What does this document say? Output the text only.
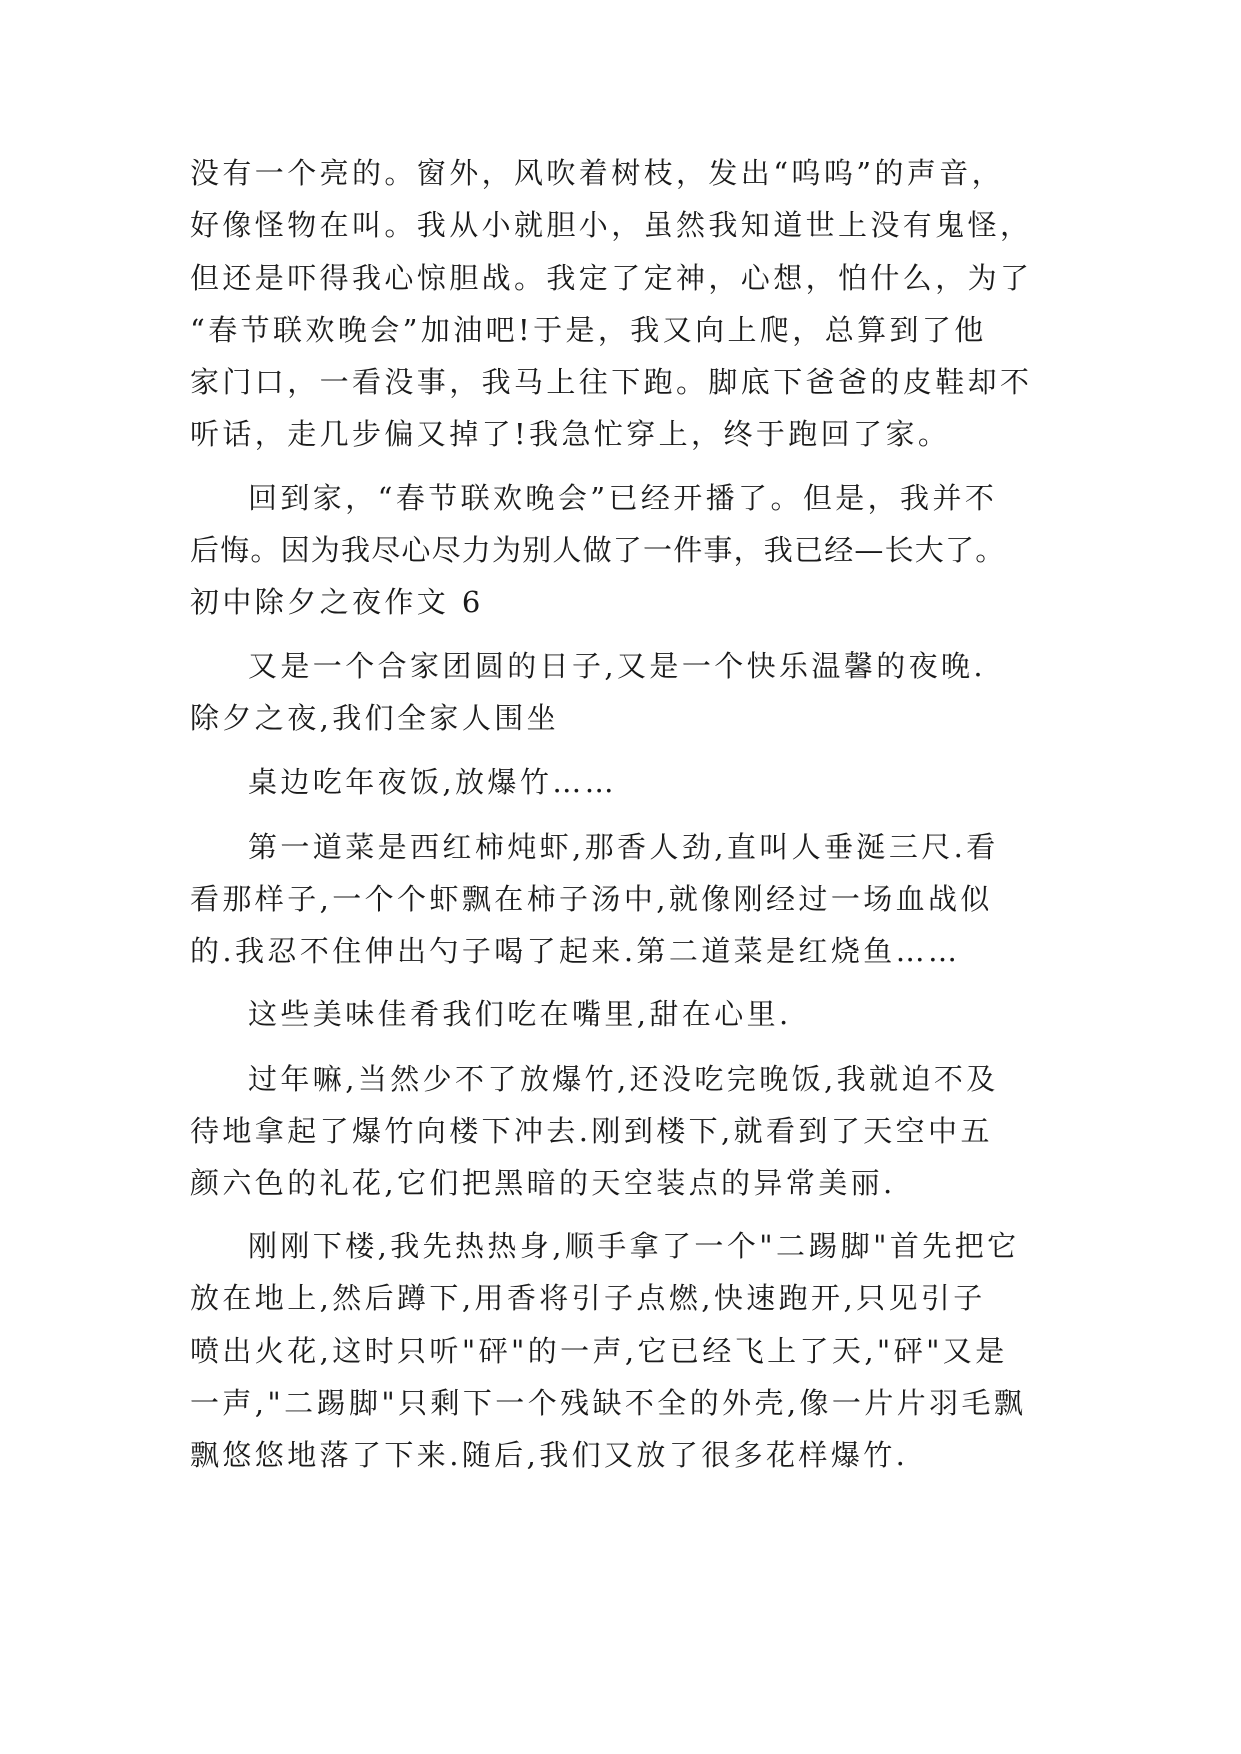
没有一个亮的。窗外，风吹着树枝，发出“呜呜”的声音，
好像怪物在叫。我从小就胆小，虽然我知道世上没有鬼怪，
但还是吓得我心惊胆战。我定了定神，心想，怕什么，为了
“春节联欢晚会”加油吧!于是，我又向上爬，总算到了他
家门口，一看没事，我马上往下跑。脚底下爸爸的皮鞋却不
听话，走几步偏又掉了!我急忙穿上，终于跑回了家。
回到家，“春节联欢晚会”已经开播了。但是，我并不
后悔。因为我尽心尽力为别人做了一件事，我已经—长大了。
初中除夕之夜作文 6
又是一个合家团圆的日子,又是一个快乐温馨的夜晚.
除夕之夜,我们全家人围坐
桌边吃年夜饭,放爆竹……
第一道菜是西红柿炖虾,那香人劲,直叫人垂涎三尺.看
看那样子,一个个虾飘在柿子汤中,就像刚经过一场血战似
的.我忍不住伸出勺子喝了起来.第二道菜是红烧鱼……
这些美味佳肴我们吃在嘴里,甜在心里.
过年嘛,当然少不了放爆竹,还没吃完晚饭,我就迫不及
待地拿起了爆竹向楼下冲去.刚到楼下,就看到了天空中五
颜六色的礼花,它们把黑暗的天空装点的异常美丽.
刚刚下楼,我先热热身,顺手拿了一个"二踢脚"首先把它
放在地上,然后蹲下,用香将引子点燃,快速跑开,只见引子
喷出火花,这时只听"砰"的一声,它已经飞上了天,"砰"又是
一声,"二踢脚"只剩下一个残缺不全的外壳,像一片片羽毛飘
飘悠悠地落了下来.随后,我们又放了很多花样爆竹.
